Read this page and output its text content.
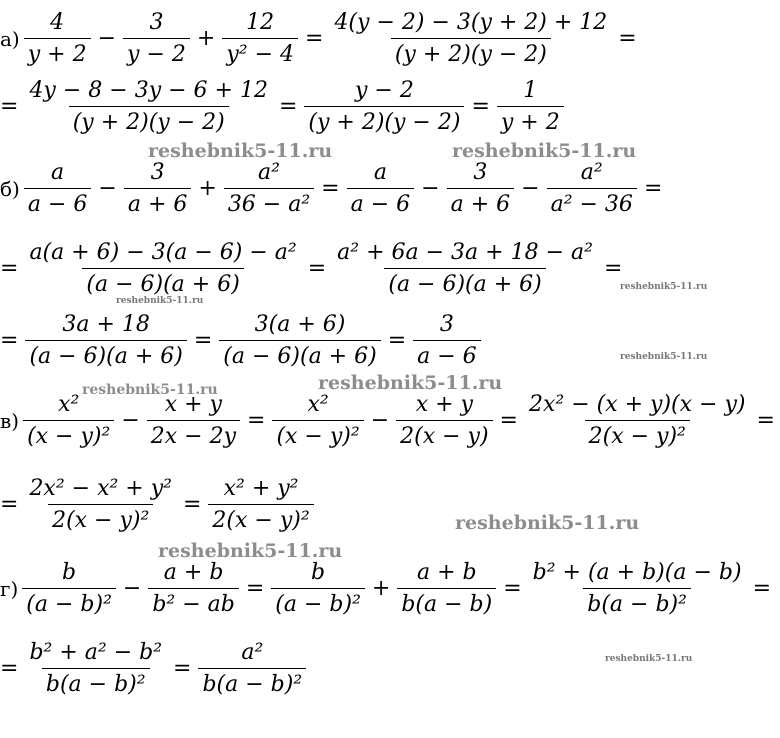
$а) \frac{4}{y + 2} - \frac{3}{y - 2} + \frac{12}{\text{y² − 4}} = \frac{4(y - 2) - 3(y + 2) + 12}{(y + 2)(y - 2)}$ =
= $\frac{4y - 8 - 3y - 6 + 12}{(y + 2)(y - 2)} = \frac{y - 2}{(y + 2)(y - 2)} = \frac{1}{y + 2}$
$б) \frac{a}{a - 6} - \frac{3}{a + 6} + \frac{\text{a²}}{\text{36 − a²}} = \frac{a}{a - 6} - \frac{3}{a + 6} - \frac{\text{a²}}{\text{a² − 36}}$ =
= $\frac{\text{a(a + 6) − 3(a − 6) − a²}}{(a - 6)(a + 6)} = \frac{\text{a² + 6a − 3a + 18 − a²}}{(a - 6)(a + 6)}$ =
= $\frac{3a + 18}{(a - 6)(a + 6)} = \frac{3(a + 6)}{(a - 6)(a + 6)} = \frac{3}{a - 6}$
$в) \frac{\text{x²}}{\text{(x − y)²}} - \frac{x + y}{2x - 2y} = \frac{\text{x²}}{\text{(x − y)²}} - \frac{x + y}{2(x - y)} = \frac{\text{2x² − (x + y)(x − y)}}{\text{2(x − y)²}}$ =
= $\frac{\text{2x² − x² + y²}}{\text{2(x − y)²}} = \frac{\text{x² + y²}}{\text{2(x − y)²}}$
$г) \frac{b}{\text{(a − b)²}} - \frac{a + b}{\text{b² − ab}} = \frac{b}{\text{(a − b)²}} + \frac{a + b}{b(a - b)} = \frac{\text{b² + (a + b)(a − b)}}{\text{b(a − b)²}}$ =
= $\frac{\text{b² + a² − b²}}{\text{b(a − b)²}} = \frac{\text{a²}}{\text{b(a − b)²}}$
reshebnik5-11.ru	reshebnik5-11.ru
reshebnik5-11.ru
reshebnik5-11.ru
reshebnik5-11.ru
reshebnik5-11.ru
reshebnik5-11.ru
reshebnik5-11.ru
reshebnik5-11.ru
reshebnik5-11.ru
